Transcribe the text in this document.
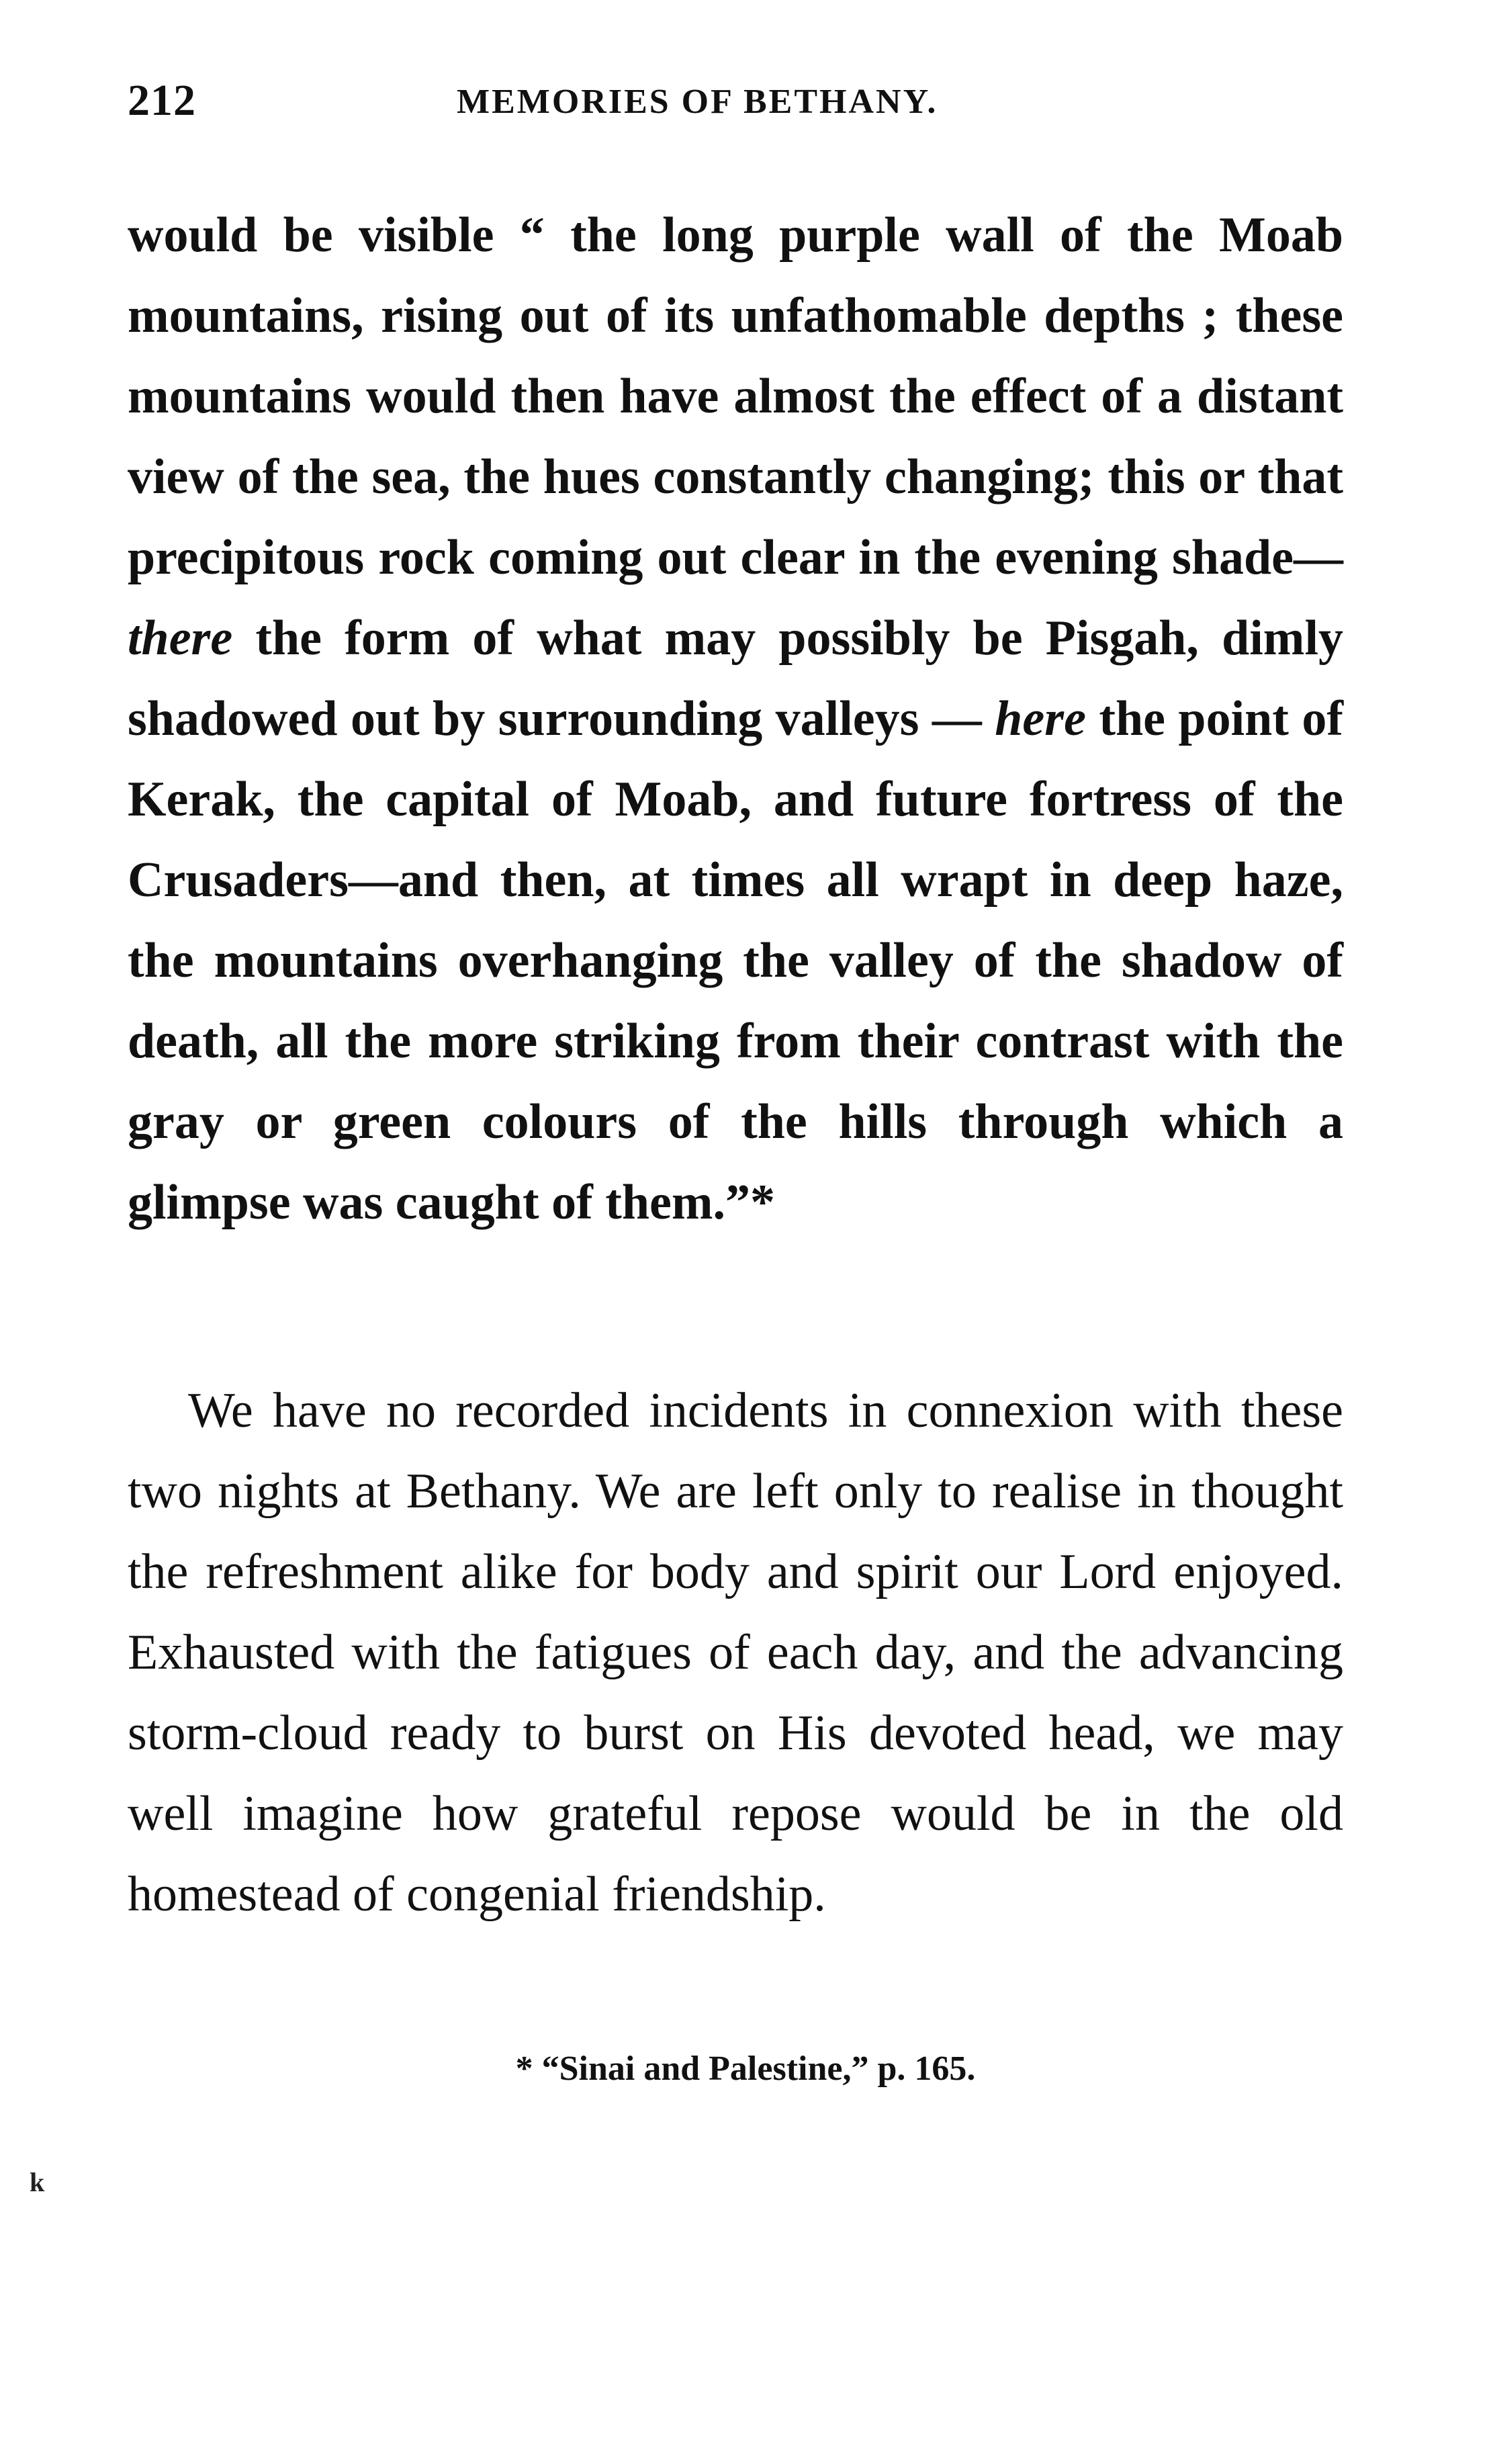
212	MEMORIES OF BETHANY.

would be visible “ the long purple wall of the Moab mountains, rising out of its unfathomable depths ; these mountains would then have almost the effect of a distant view of the sea, the hues constantly changing; this or that precipitous rock coming out clear in the evening shade—there the form of what may possibly be Pisgah, dimly shadowed out by surrounding valleys — here the point of Kerak, the capital of Moab, and future fortress of the Crusaders—and then, at times all wrapt in deep haze, the mountains overhanging the valley of the shadow of death, all the more striking from their contrast with the gray or green colours of the hills through which a glimpse was caught of them.”*

We have no recorded incidents in connexion with these two nights at Bethany. We are left only to realise in thought the refreshment alike for body and spirit our Lord enjoyed. Exhausted with the fatigues of each day, and the advancing storm-cloud ready to burst on His devoted head, we may well imagine how grateful repose would be in the old homestead of congenial friendship.

* “Sinai and Palestine,” p. 165.
k
